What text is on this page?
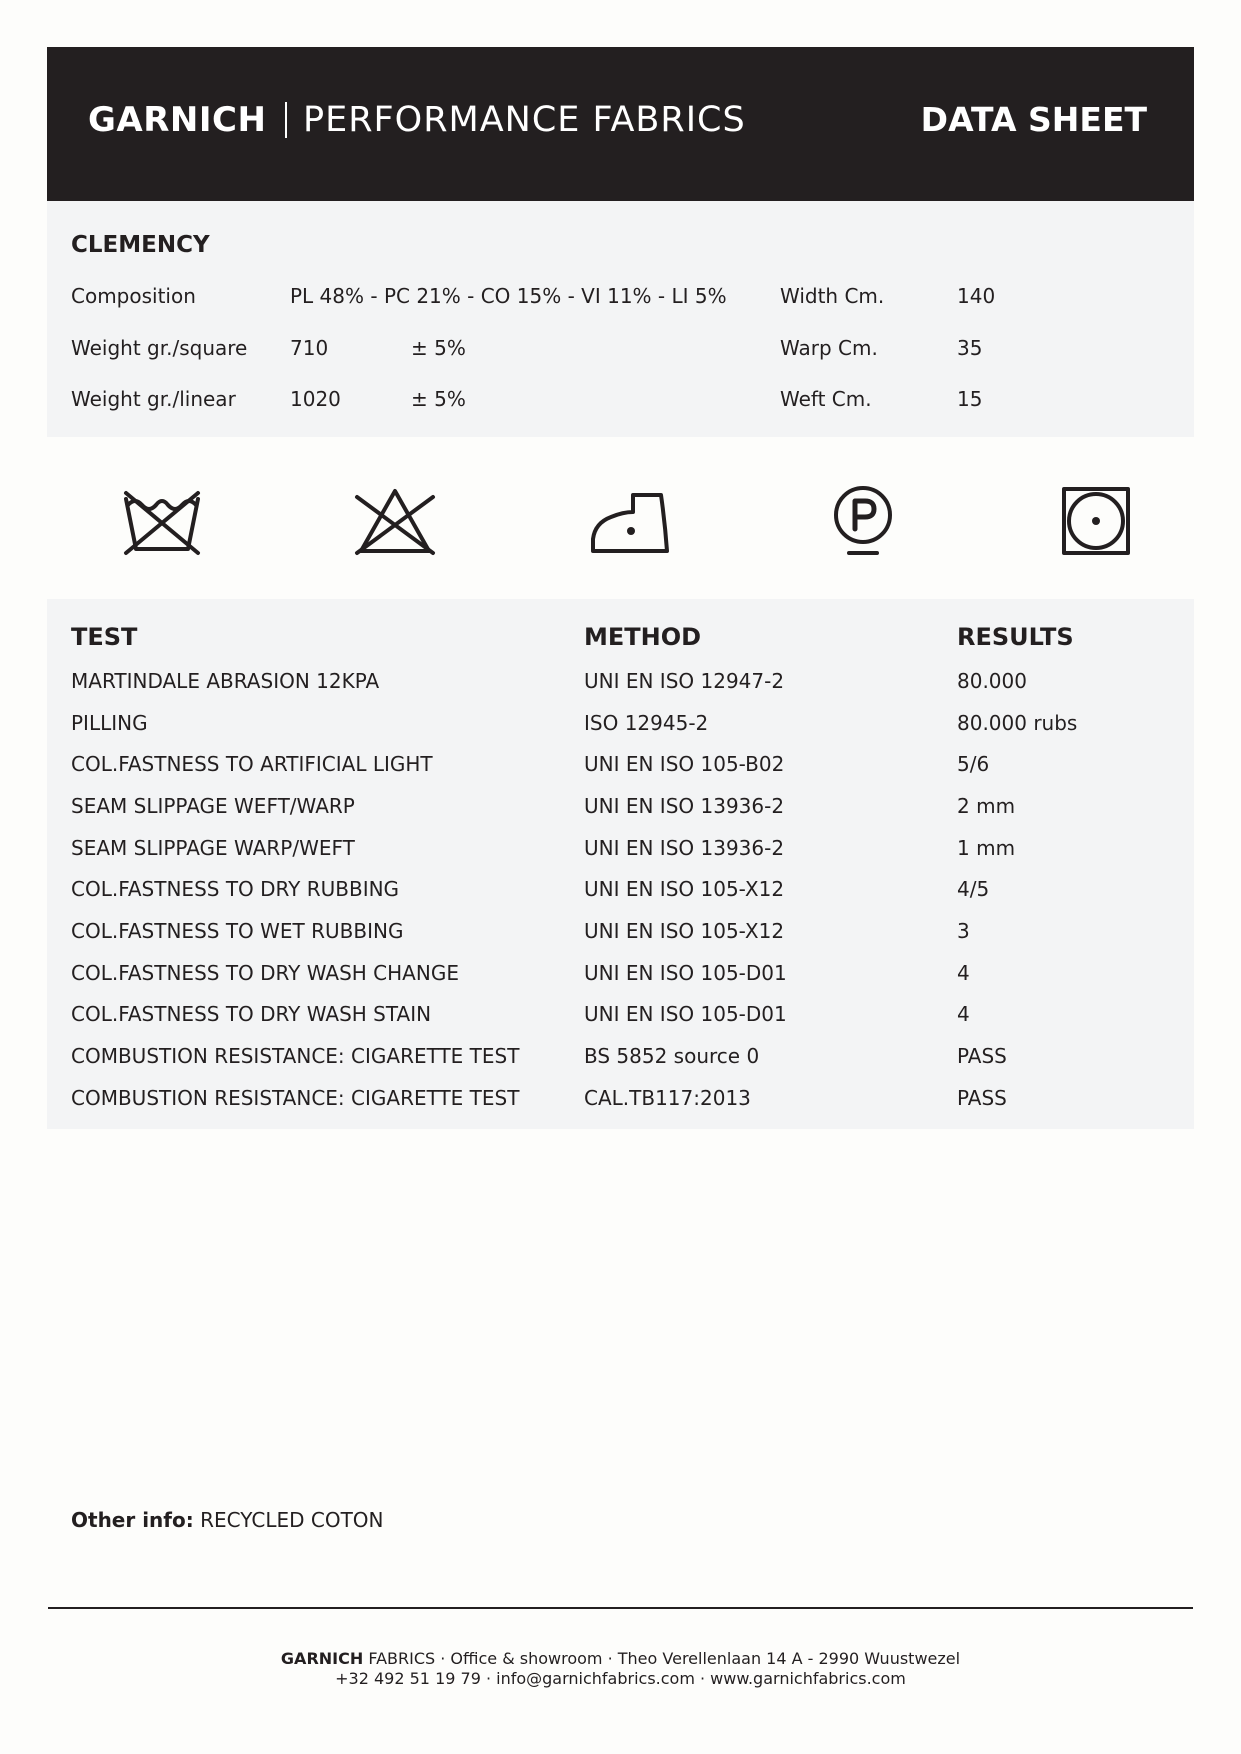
GARNICH PERFORMANCE FABRICS	DATA SHEET
CLEMENCY
Composition	PL 48% - PC 21% - CO 15% - VI 11% - LI 5%	Width Cm.	140
Weight gr./square 710	± 5%	Warp Cm.	35
Weight gr./linear	1020	± 5%	Weft Cm.	15
TEST	METHOD	RESULTS
MARTINDALE ABRASION 12KPA	UNI EN ISO 12947-2	80.000
PILLING	ISO 12945-2	80.000 rubs
COL.FASTNESS TO ARTIFICIAL LIGHT	UNI EN ISO 105-B02	5/6
SEAM SLIPPAGE WEFT/WARP	UNI EN ISO 13936-2	2 mm
SEAM SLIPPAGE WARP/WEFT	UNI EN ISO 13936-2	1 mm
COL.FASTNESS TO DRY RUBBING	UNI EN ISO 105-X12	4/5
COL.FASTNESS TO WET RUBBING	UNI EN ISO 105-X12	3
COL.FASTNESS TO DRY WASH CHANGE	UNI EN ISO 105-D01	4
COL.FASTNESS TO DRY WASH STAIN	UNI EN ISO 105-D01	4
COMBUSTION RESISTANCE: CIGARETTE TEST	BS 5852 source 0	PASS
COMBUSTION RESISTANCE: CIGARETTE TEST	CAL.TB117:2013	PASS
Other info: RECYCLED COTON
GARNICH FABRICS · Office & showroom · Theo Verellenlaan 14 A - 2990 Wuustwezel
+32 492 51 19 79 · info@garnichfabrics.com · www.garnichfabrics.com
